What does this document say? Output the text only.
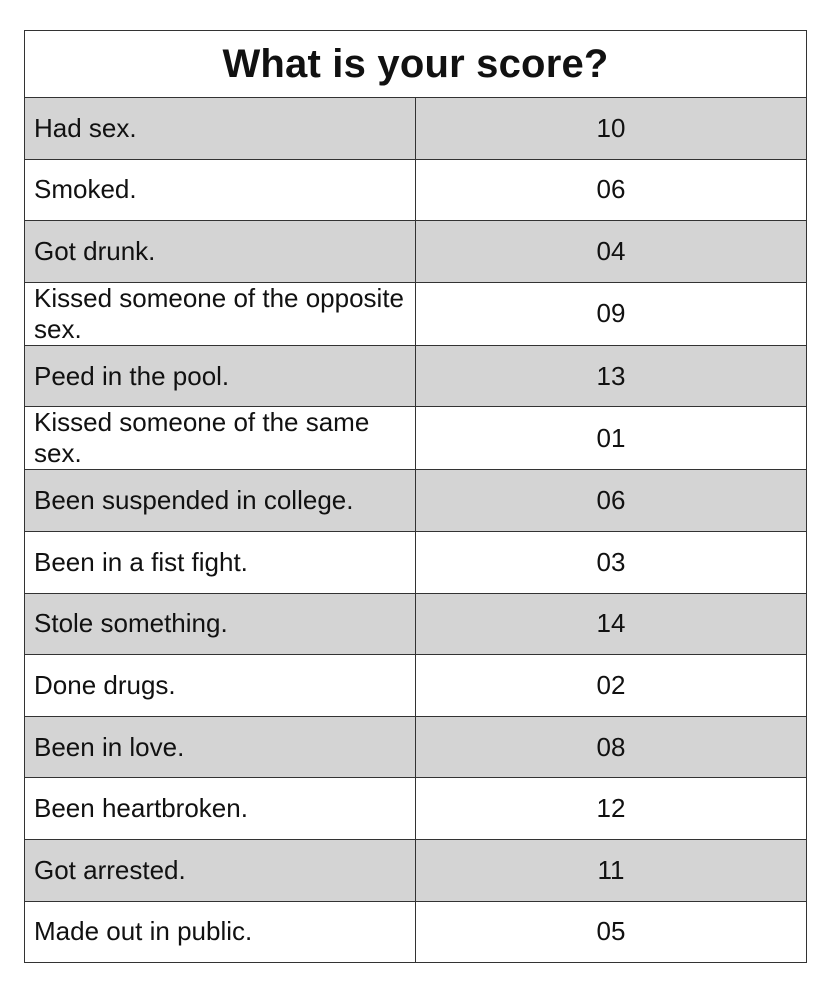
What is your score?	
Had sex.	10
Smoked.	06
Got drunk.	04
Kissed someone of the opposite sex.	09
Peed in the pool.	13
Kissed someone of the same sex.	01
Been suspended in college.	06
Been in a fist fight.	03
Stole something.	14
Done drugs.	02
Been in love.	08
Been heartbroken.	12
Got arrested.	11
Made out in public.	05
